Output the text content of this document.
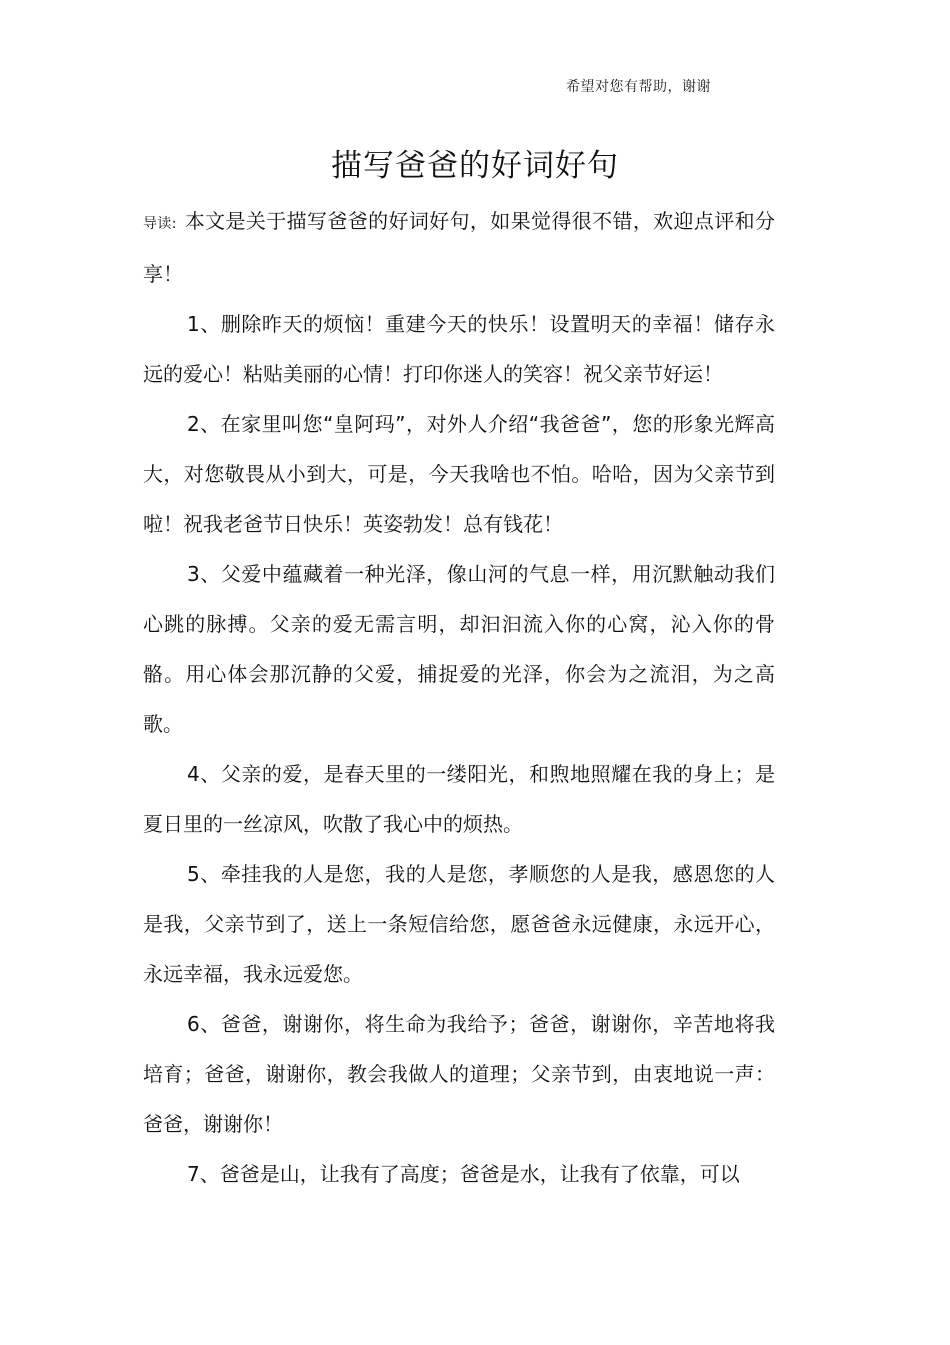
希望对您有帮助，谢谢
描写爸爸的好词好句

导读: 本文是关于描写爸爸的好词好句，如果觉得很不错，欢迎点评和分享！

1、删除昨天的烦恼！重建今天的快乐！设置明天的幸福！储存永远的爱心！粘贴美丽的心情！打印你迷人的笑容！祝父亲节好运！

2、在家里叫您“皇阿玛”，对外人介绍“我爸爸”，您的形象光辉高大，对您敬畏从小到大，可是，今天我啥也不怕。哈哈，因为父亲节到啦！祝我老爸节日快乐！英姿勃发！总有钱花！

3、父爱中蕴藏着一种光泽，像山河的气息一样，用沉默触动我们心跳的脉搏。父亲的爱无需言明，却汩汩流入你的心窝，沁入你的骨骼。用心体会那沉静的父爱，捕捉爱的光泽，你会为之流泪，为之高歌。

4、父亲的爱，是春天里的一缕阳光，和煦地照耀在我的身上；是夏日里的一丝凉风，吹散了我心中的烦热。

5、牵挂我的人是您，我的人是您，孝顺您的人是我，感恩您的人是我，父亲节到了，送上一条短信给您，愿爸爸永远健康，永远开心，永远幸福，我永远爱您。

6、爸爸，谢谢你，将生命为我给予；爸爸，谢谢你，辛苦地将我培育；爸爸，谢谢你，教会我做人的道理；父亲节到，由衷地说一声：爸爸，谢谢你！

7、爸爸是山，让我有了高度；爸爸是水，让我有了依靠，可以
